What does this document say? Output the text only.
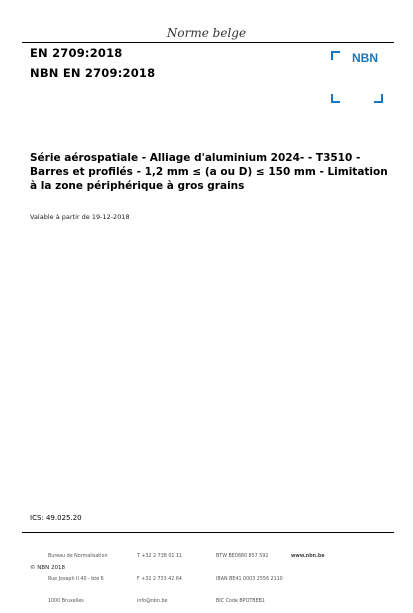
Norme belge
EN 2709:2018
NBN EN 2709:2018
NBN
Série aérospatiale - Alliage d'aluminium 2024- - T3510 - Barres et profilés - 1,2 mm ≤ (a ou D) ≤ 150 mm - Limitation à la zone périphérique à gros grains
Valable à partir de 19-12-2018
ICS: 49.025.20

Bureau de Normalisation

Rue Joseph II 40 - bte 6

1000 Bruxelles

T +32 2 738 01 11

F +32 2 733 42 64

info@nbn.be

BTW BE0880 857 592

IBAN BE41 0003 2556 2110

BIC Code BPOTBEB1

www.nbn.be

© NBN 2018
